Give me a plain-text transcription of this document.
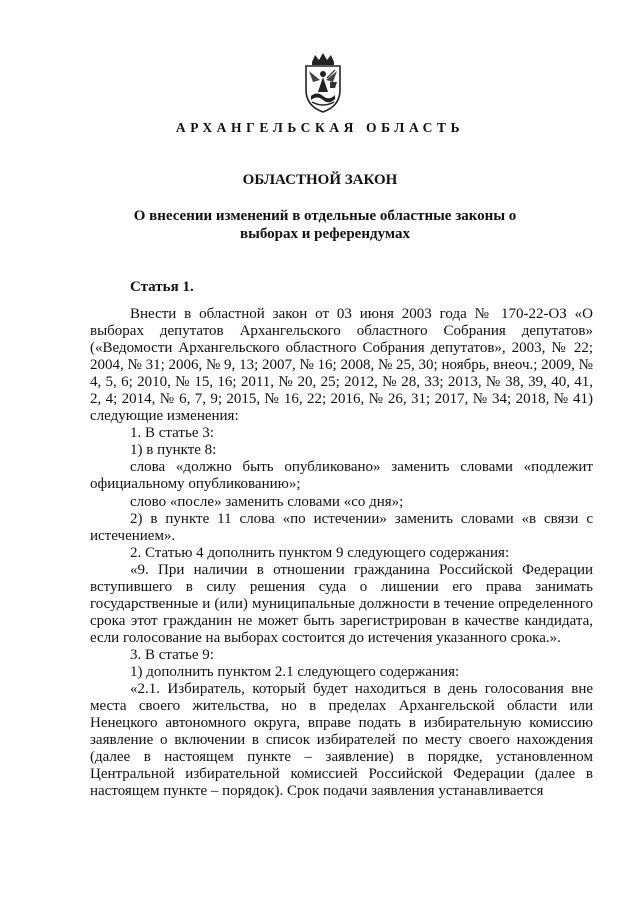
АРХАНГЕЛЬСКАЯ ОБЛАСТЬ
ОБЛАСТНОЙ ЗАКОН
О внесении изменений в отдельные областные законы о выборах и референдумах
Статья 1.

Внести в областной закон от 03 июня 2003 года № 170-22-ОЗ «О выборах депутатов Архангельского областного Собрания депутатов» («Ведомости Архангельского областного Собрания депутатов», 2003, № 22; 2004, № 31; 2006, № 9, 13; 2007, № 16; 2008, № 25, 30; ноябрь, внеоч.; 2009, № 4, 5, 6; 2010, № 15, 16; 2011, № 20, 25; 2012, № 28, 33; 2013, № 38, 39, 40, 41, 2, 4; 2014, № 6, 7, 9; 2015, № 16, 22; 2016, № 26, 31; 2017, № 34; 2018, № 41) следующие изменения:

1. В статье 3:

1) в пункте 8:

слова «должно быть опубликовано» заменить словами «подлежит официальному опубликованию»;

слово «после» заменить словами «со дня»;

2) в пункте 11 слова «по истечении» заменить словами «в связи с истечением».

2. Статью 4 дополнить пунктом 9 следующего содержания:

«9. При наличии в отношении гражданина Российской Федерации вступившего в силу решения суда о лишении его права занимать государственные и (или) муниципальные должности в течение определенного срока этот гражданин не может быть зарегистрирован в качестве кандидата, если голосование на выборах состоится до истечения указанного срока.».

3. В статье 9:

1) дополнить пунктом 2.1 следующего содержания:

«2.1. Избиратель, который будет находиться в день голосования вне места своего жительства, но в пределах Архангельской области или Ненецкого автономного округа, вправе подать в избирательную комиссию заявление о включении в список избирателей по месту своего нахождения (далее в настоящем пункте – заявление) в порядке, установленном Центральной избирательной комиссией Российской Федерации (далее в настоящем пункте – порядок). Срок подачи заявления устанавливается
